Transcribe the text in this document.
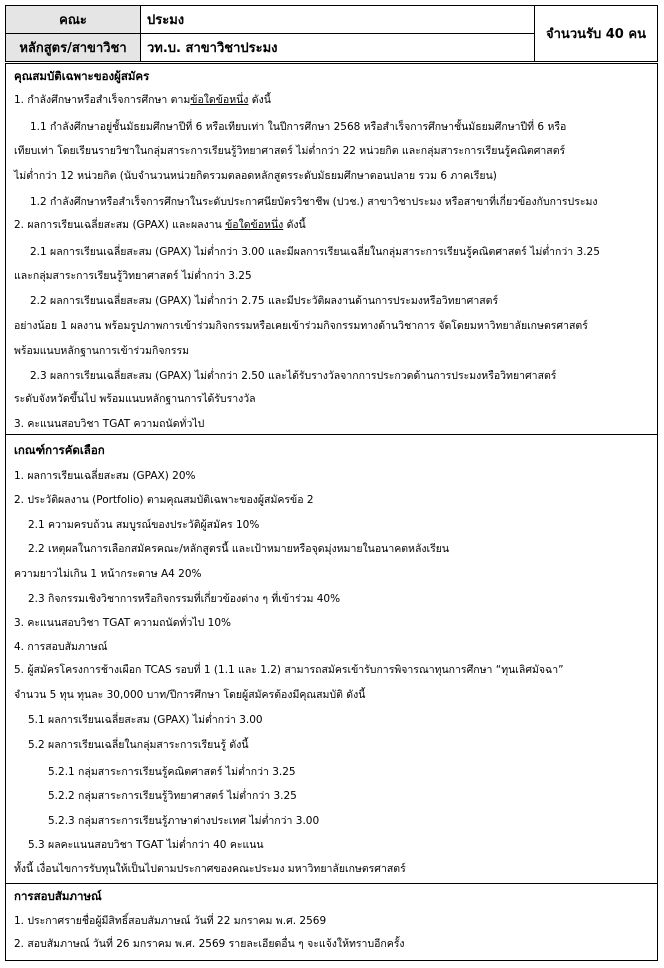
คณะ	ประมง	จำนวนรับ 40 คน
หลักสูตร/สาขาวิชา	วท.บ. สาขาวิชาประมง	
คุณสมบัติเฉพาะของผู้สมัคร
1. กำลังศึกษาหรือสำเร็จการศึกษา ตามข้อใดข้อหนึ่ง ดังนี้
1.1 กำลังศึกษาอยู่ชั้นมัธยมศึกษาปีที่ 6 หรือเทียบเท่า ในปีการศึกษา 2568 หรือสำเร็จการศึกษาชั้นมัธยมศึกษาปีที่ 6 หรือ
เทียบเท่า โดยเรียนรายวิชาในกลุ่มสาระการเรียนรู้วิทยาศาสตร์ ไม่ต่ำกว่า 22 หน่วยกิต และกลุ่มสาระการเรียนรู้คณิตศาสตร์
ไม่ต่ำกว่า 12 หน่วยกิต (นับจำนวนหน่วยกิตรวมตลอดหลักสูตรระดับมัธยมศึกษาตอนปลาย รวม 6 ภาคเรียน)
1.2 กำลังศึกษาหรือสำเร็จการศึกษาในระดับประกาศนียบัตรวิชาชีพ (ปวช.) สาขาวิชาประมง หรือสาขาที่เกี่ยวข้องกับการประมง
2. ผลการเรียนเฉลี่ยสะสม (GPAX) และผลงาน ข้อใดข้อหนึ่ง ดังนี้
2.1 ผลการเรียนเฉลี่ยสะสม (GPAX) ไม่ต่ำกว่า 3.00 และมีผลการเรียนเฉลี่ยในกลุ่มสาระการเรียนรู้คณิตศาสตร์ ไม่ต่ำกว่า 3.25
และกลุ่มสาระการเรียนรู้วิทยาศาสตร์ ไม่ต่ำกว่า 3.25
2.2 ผลการเรียนเฉลี่ยสะสม (GPAX) ไม่ต่ำกว่า 2.75 และมีประวัติผลงานด้านการประมงหรือวิทยาศาสตร์
อย่างน้อย 1 ผลงาน พร้อมรูปภาพการเข้าร่วมกิจกรรมหรือเคยเข้าร่วมกิจกรรมทางด้านวิชาการ จัดโดยมหาวิทยาลัยเกษตรศาสตร์
พร้อมแนบหลักฐานการเข้าร่วมกิจกรรม
2.3 ผลการเรียนเฉลี่ยสะสม (GPAX) ไม่ต่ำกว่า 2.50 และได้รับรางวัลจากการประกวดด้านการประมงหรือวิทยาศาสตร์
ระดับจังหวัดขึ้นไป พร้อมแนบหลักฐานการได้รับรางวัล
3. คะแนนสอบวิชา TGAT ความถนัดทั่วไป
เกณฑ์การคัดเลือก
1. ผลการเรียนเฉลี่ยสะสม (GPAX) 20%
2. ประวัติผลงาน (Portfolio) ตามคุณสมบัติเฉพาะของผู้สมัครข้อ 2
2.1 ความครบถ้วน สมบูรณ์ของประวัติผู้สมัคร 10%
2.2 เหตุผลในการเลือกสมัครคณะ/หลักสูตรนี้ และเป้าหมายหรือจุดมุ่งหมายในอนาคตหลังเรียน
ความยาวไม่เกิน 1 หน้ากระดาษ A4 20%
2.3 กิจกรรมเชิงวิชาการหรือกิจกรรมที่เกี่ยวข้องต่าง ๆ ที่เข้าร่วม 40%
3. คะแนนสอบวิชา TGAT ความถนัดทั่วไป 10%
4. การสอบสัมภาษณ์
5. ผู้สมัครโครงการช้างเผือก TCAS รอบที่ 1 (1.1 และ 1.2) สามารถสมัครเข้ารับการพิจารณาทุนการศึกษา “ทุนเลิศมัจฉา”
จำนวน 5 ทุน ทุนละ 30,000 บาท/ปีการศึกษา โดยผู้สมัครต้องมีคุณสมบัติ ดังนี้
5.1 ผลการเรียนเฉลี่ยสะสม (GPAX) ไม่ต่ำกว่า 3.00
5.2 ผลการเรียนเฉลี่ยในกลุ่มสาระการเรียนรู้ ดังนี้
5.2.1 กลุ่มสาระการเรียนรู้คณิตศาสตร์ ไม่ต่ำกว่า 3.25
5.2.2 กลุ่มสาระการเรียนรู้วิทยาศาสตร์ ไม่ต่ำกว่า 3.25
5.2.3 กลุ่มสาระการเรียนรู้ภาษาต่างประเทศ ไม่ต่ำกว่า 3.00
5.3 ผลคะแนนสอบวิชา TGAT ไม่ต่ำกว่า 40 คะแนน
ทั้งนี้ เงื่อนไขการรับทุนให้เป็นไปตามประกาศของคณะประมง มหาวิทยาลัยเกษตรศาสตร์
การสอบสัมภาษณ์
1. ประกาศรายชื่อผู้มีสิทธิ์สอบสัมภาษณ์ วันที่ 22 มกราคม พ.ศ. 2569
2. สอบสัมภาษณ์ วันที่ 26 มกราคม พ.ศ. 2569 รายละเอียดอื่น ๆ จะแจ้งให้ทราบอีกครั้ง
